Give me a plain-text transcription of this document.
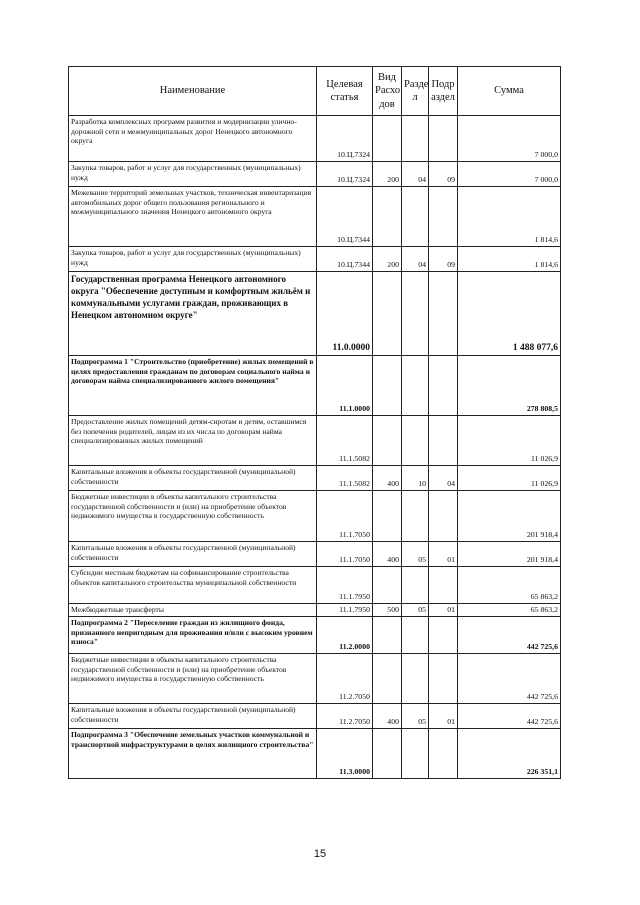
Наименование	Целевая статья	Вид Расхо дов	Разде л	Подр аздел	Сумма
Разработка комплексных программ развития и модернизации улично-дорожной сети и межмуниципальных дорог Ненецкого автономного округа	10.Ц.7324				7 000,0
Закупка товаров, работ и услуг для государственных (муниципальных) нужд	10.Ц.7324	200	04	09	7 000,0
Межевание территорий земельных участков, техническая инвентаризация автомобильных дорог общего пользования регионального и межмуниципального значения Ненецкого автономного округа	10.Ц.7344				1 814,6
Закупка товаров, работ и услуг для государственных (муниципальных) нужд	10.Ц.7344	200	04	09	1 814,6
Государственная программа Ненецкого автономного округа "Обеспечение доступным и комфортным жильём и коммунальными услугами граждан, проживающих в Ненецком автономном округе"	11.0.0000				1 488 077,6
Подпрограмма 1 "Строительство (приобретение) жилых помещений в целях предоставления гражданам по договорам социального найма и договорам найма специализированного жилого помещения"	11.1.0000				278 808,5
Предоставление жилых помещений детям-сиротам и детям, оставшимся без попечения родителей, лицам из их числа по договорам найма специализированных жилых помещений	11.1.5082				11 026,9
Капитальные вложения в объекты государственной (муниципальной) собственности	11.1.5082	400	10	04	11 026,9
Бюджетные инвестиции в объекты капитального строительства государственной собственности и (или) на приобретение объектов недвижимого имущества в государственную собственность	11.1.7050				201 918,4
Капитальные вложения в объекты государственной (муниципальной) собственности	11.1.7050	400	05	01	201 918,4
Субсидии местным бюджетам на софинансирование строительства объектов капитального строительства муниципальной собственности	11.1.7950				65 863,2
Межбюджетные трансферты	11.1.7950	500	05	01	65 863,2
Подпрограмма 2 "Переселение граждан из жилищного фонда, признанного непригодным для проживания и/или с высоким уровнем износа"	11.2.0000				442 725,6
Бюджетные инвестиции в объекты капитального строительства государственной собственности и (или) на приобретение объектов недвижимого имущества в государственную собственность	11.2.7050				442 725,6
Капитальные вложения в объекты государственной (муниципальной) собственности	11.2.7050	400	05	01	442 725,6
Подпрограмма 3 "Обеспечение земельных участков коммунальной и транспортной инфраструктурами в целях жилищного строительства"	11.3.0000				226 351,1
15
